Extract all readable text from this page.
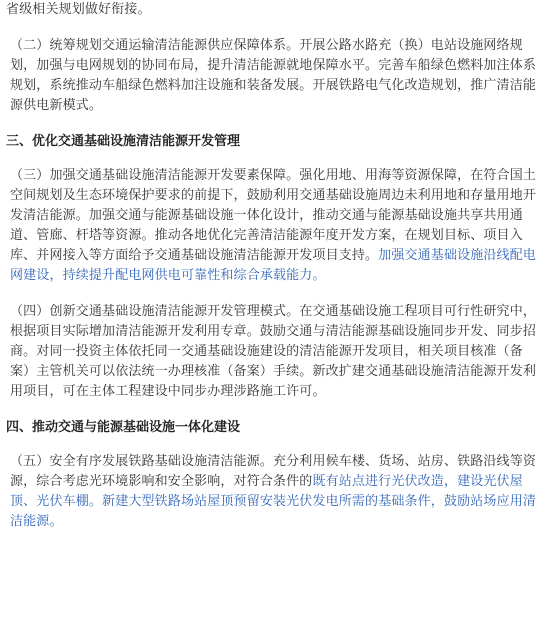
省级相关规划做好衔接。
（二）统筹规划交通运输清洁能源供应保障体系。开展公路水路充（换）电站设施网络规
划，加强与电网规划的协同布局，提升清洁能源就地保障水平。完善车船绿色燃料加注体系
规划，系统推动车船绿色燃料加注设施和装备发展。开展铁路电气化改造规划，推广清洁能
源供电新模式。
三、优化交通基础设施清洁能源开发管理
（三）加强交通基础设施清洁能源开发要素保障。强化用地、用海等资源保障，在符合国土
空间规划及生态环境保护要求的前提下，鼓励利用交通基础设施周边未利用地和存量用地开
发清洁能源。加强交通与能源基础设施一体化设计，推动交通与能源基础设施共享共用通
道、管廊、杆塔等资源。推动各地优化完善清洁能源年度开发方案，在规划目标、项目入
库、并网接入等方面给予交通基础设施清洁能源开发项目支持。加强交通基础设施沿线配电
网建设，持续提升配电网供电可靠性和综合承载能力。
（四）创新交通基础设施清洁能源开发管理模式。在交通基础设施工程项目可行性研究中，
根据项目实际增加清洁能源开发利用专章。鼓励交通与清洁能源基础设施同步开发、同步招
商。对同一投资主体依托同一交通基础设施建设的清洁能源开发项目，相关项目核准（备
案）主管机关可以依法统一办理核准（备案）手续。新改扩建交通基础设施清洁能源开发利
用项目，可在主体工程建设中同步办理涉路施工许可。
四、推动交通与能源基础设施一体化建设
（五）安全有序发展铁路基础设施清洁能源。充分利用候车楼、货场、站房、铁路沿线等资
源，综合考虑光环境影响和安全影响，对符合条件的既有站点进行光伏改造，建设光伏屋
顶、光伏车棚。新建大型铁路场站屋顶预留安装光伏发电所需的基础条件，鼓励站场应用清
洁能源。
